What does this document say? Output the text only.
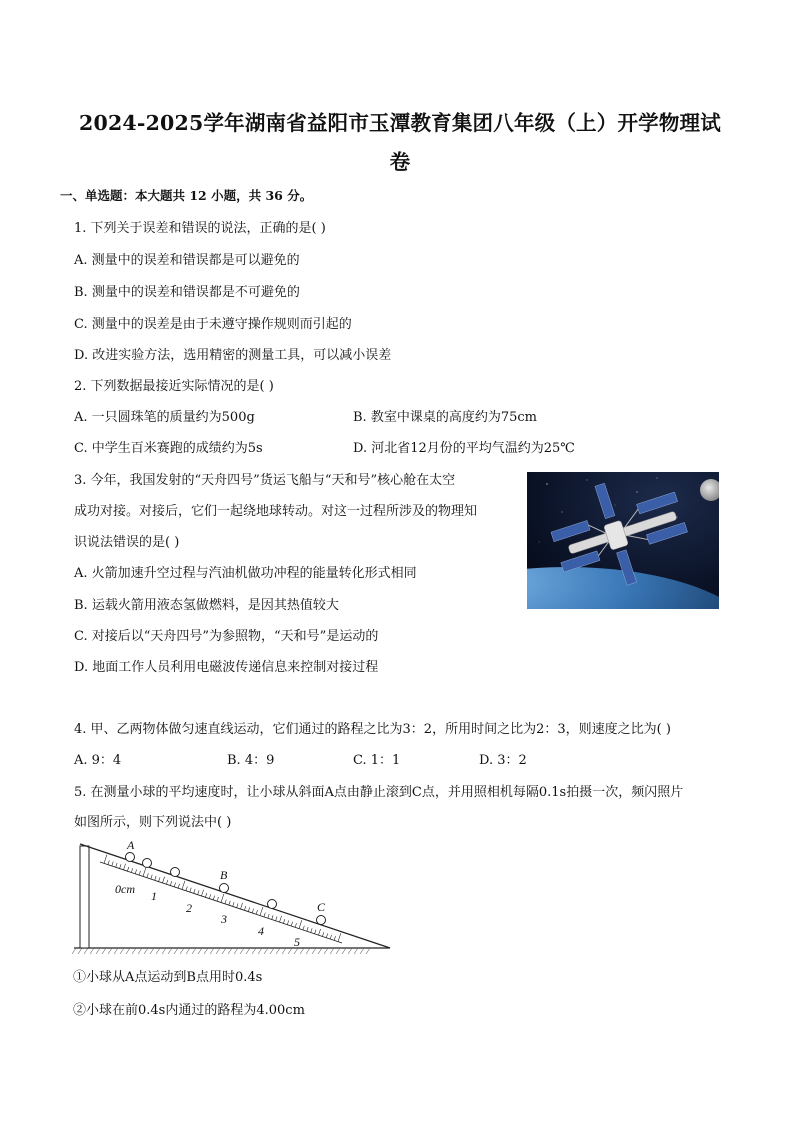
2024-2025学年湖南省益阳市玉潭教育集团八年级（上）开学物理试
卷
一、单选题：本大题共 12 小题，共 36 分。
1. 下列关于误差和错误的说法，正确的是( )
A. 测量中的误差和错误都是可以避免的
B. 测量中的误差和错误都是不可避免的
C. 测量中的误差是由于未遵守操作规则而引起的
D. 改进实验方法，选用精密的测量工具，可以减小误差
2. 下列数据最接近实际情况的是( )
A. 一只圆珠笔的质量约为500g	B. 教室中课桌的高度约为75cm
C. 中学生百米赛跑的成绩约为5s	D. 河北省12月份的平均气温约为25℃
3. 今年，我国发射的“天舟四号”货运飞船与“天和号”核心舱在太空
成功对接。对接后，它们一起绕地球转动。对这一过程所涉及的物理知
识说法错误的是( )
A. 火箭加速升空过程与汽油机做功冲程的能量转化形式相同
B. 运载火箭用液态氢做燃料，是因其热值较大
C. 对接后以“天舟四号”为参照物，“天和号”是运动的
D. 地面工作人员利用电磁波传递信息来控制对接过程
4. 甲、乙两物体做匀速直线运动，它们通过的路程之比为3：2，所用时间之比为2：3，则速度之比为( )
A. 9：4	B. 4：9	C. 1：1	D. 3：2
5. 在测量小球的平均速度时，让小球从斜面A点由静止滚到C点，并用照相机每隔0.1s拍摄一次，频闪照片
如图所示，则下列说法中( )
A
B
C
0cm 1
2
3
4
5
①小球从A点运动到B点用时0.4s
②小球在前0.4s内通过的路程为4.00cm
